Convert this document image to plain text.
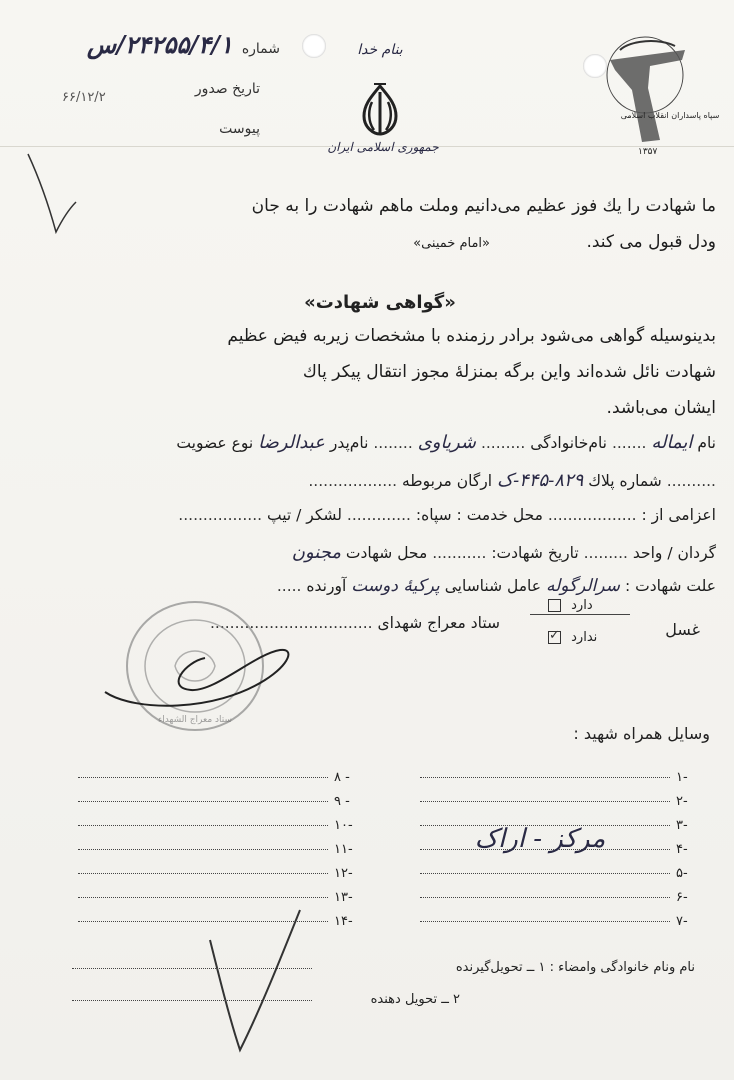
شماره ۲۴۲۵۵/۴/۱/س
تاریخ صدور
۶۶/۱۲/۲
پیوست
بنام خدا
جمهوری اسلامی ایران
سپاه پاسداران انقلاب اسلامی
۱۳۵۷
ما شهادت را یك فوز عظیم می‌دانیم وملت ماهم شهادت را به جان
ودل قبول می کند.
«امام خمینی»
«گواهی شهادت»
بدینوسیله گواهی می‌شود برادر رزمنده با مشخصات زیربه فیض عظیم
شهادت نائل شده‌اند واین برگه بمنزلهٔ مجوز انتقال پیکر پاك
ایشان می‌باشد.
نام ایماله ....... نام‌خانوادگی ......... شریاوی ........ نام‌پدر عبدالرضا نوع عضویت
.......... شماره پلاك ۸۲۹-۴۴۵-ک ارگان مربوطه ..................
اعزامی از : .................. محل خدمت : سپاه: ............. لشکر / تیپ .................
گردان / واحد ......... تاریخ شهادت: ........... محل شهادت مجنون
علت شهادت : سرالرگوله عامل شناسایی پرکیهٔ دوست آورنده .....
ستاد معراج شهدای .................................	غسل
دارد
✓ ندارد
ستاد معراج الشهداء
وسایل همراه شهید :
۱-
۲-
۳-
۴-
۵-
۶-
۷-
۸ -
۹ -
۱۰-
۱۱-
۱۲-
۱۳-
۱۴-
مرکز - اراک
نام ونام خانوادگی وامضاء : ۱ ــ تحویل‌گیرنده
۲ ــ تحویل دهنده
